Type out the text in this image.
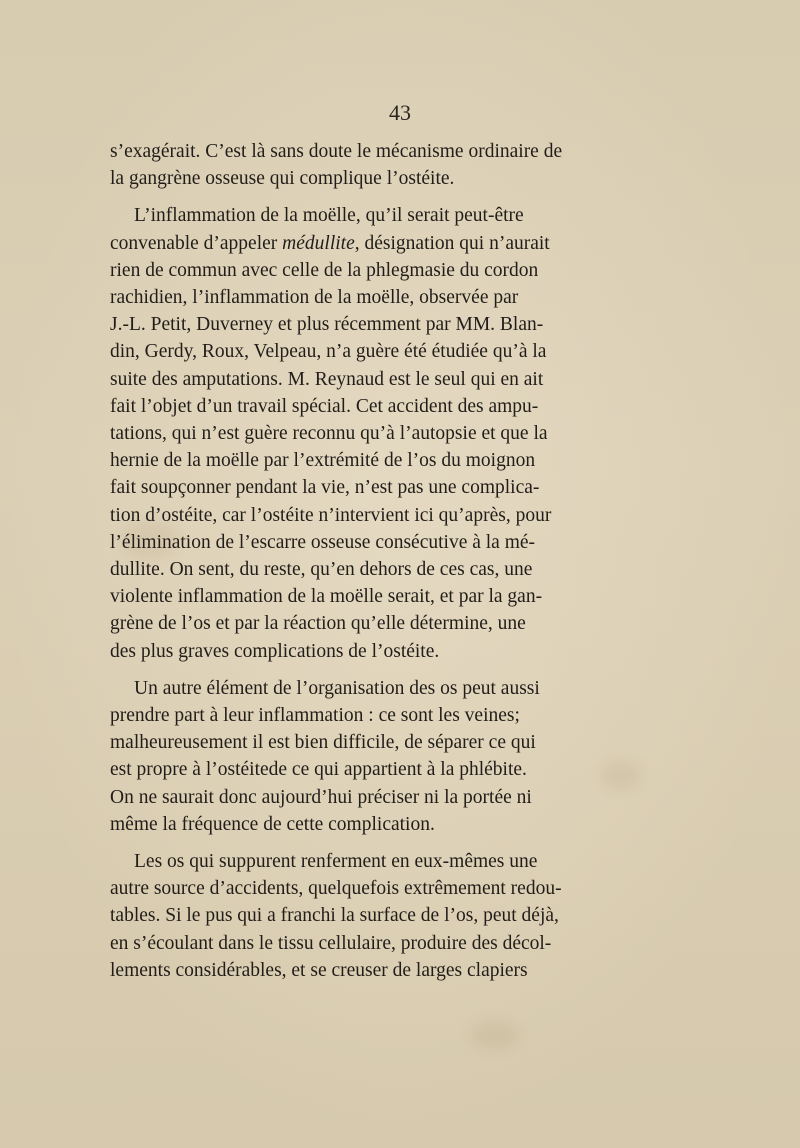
43

s’exagérait. C’est là sans doute le mécanisme ordinaire de
la gangrène osseuse qui complique l’ostéite.

L’inflammation de la moëlle, qu’il serait peut-être
convenable d’appeler médullite, désignation qui n’aurait
rien de commun avec celle de la phlegmasie du cordon
rachidien, l’inflammation de la moëlle, observée par
J.-L. Petit, Duverney et plus récemment par MM. Blan-
din, Gerdy, Roux, Velpeau, n’a guère été étudiée qu’à la
suite des amputations. M. Reynaud est le seul qui en ait
fait l’objet d’un travail spécial. Cet accident des ampu-
tations, qui n’est guère reconnu qu’à l’autopsie et que la
hernie de la moëlle par l’extrémité de l’os du moignon
fait soupçonner pendant la vie, n’est pas une complica-
tion d’ostéite, car l’ostéite n’intervient ici qu’après, pour
l’élimination de l’escarre osseuse consécutive à la mé-
dullite. On sent, du reste, qu’en dehors de ces cas, une
violente inflammation de la moëlle serait, et par la gan-
grène de l’os et par la réaction qu’elle détermine, une
des plus graves complications de l’ostéite.

Un autre élément de l’organisation des os peut aussi
prendre part à leur inflammation : ce sont les veines;
malheureusement il est bien difficile, de séparer ce qui
est propre à l’ostéitede ce qui appartient à la phlébite.
On ne saurait donc aujourd’hui préciser ni la portée ni
même la fréquence de cette complication.

Les os qui suppurent renferment en eux-mêmes une
autre source d’accidents, quelquefois extrêmement redou-
tables. Si le pus qui a franchi la surface de l’os, peut déjà,
en s’écoulant dans le tissu cellulaire, produire des décol-
lements considérables, et se creuser de larges clapiers
